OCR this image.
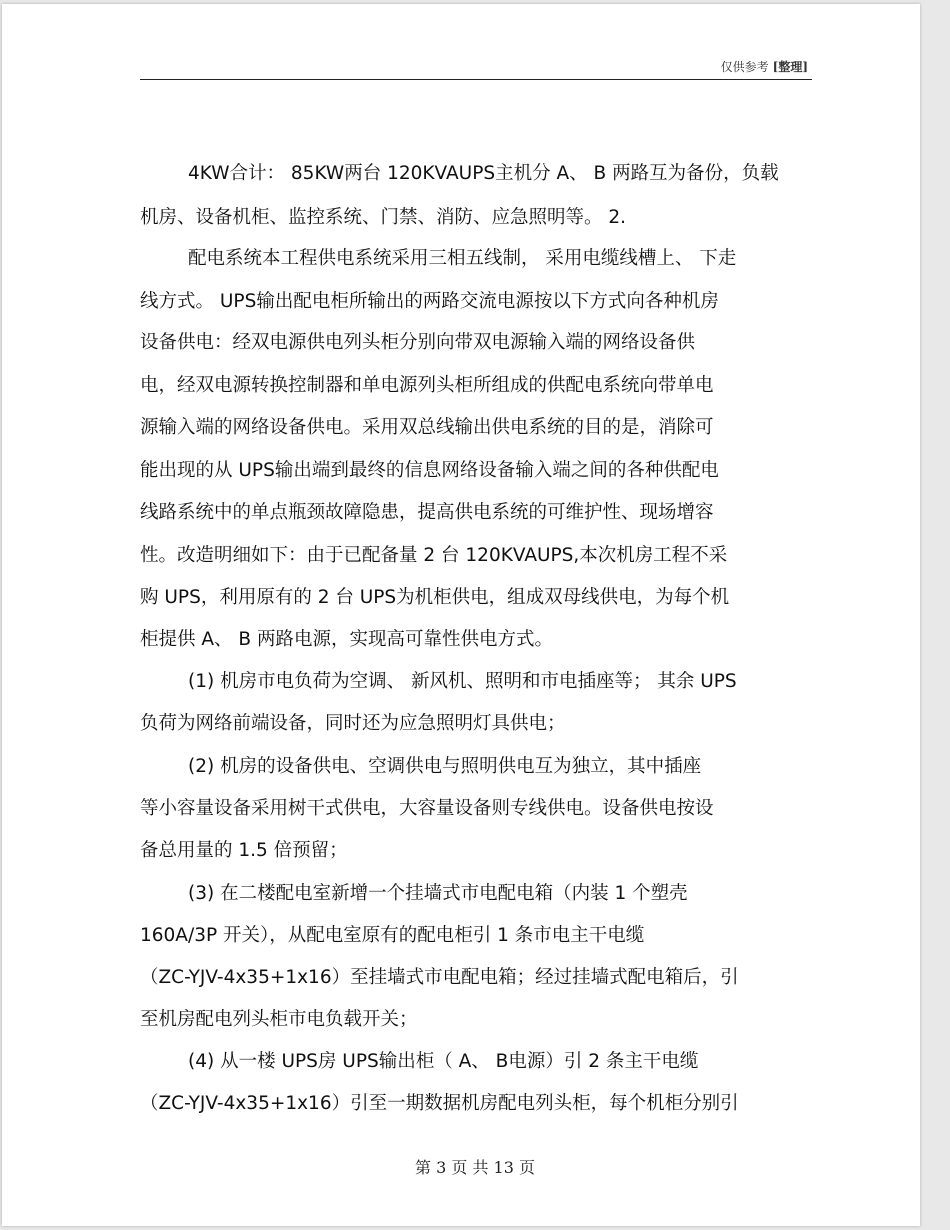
仅供参考 [整理]
4KW合计： 85KW两台 120KVAUPS主机分 A、 B 两路互为备份，负载
机房、设备机柜、监控系统、门禁、消防、应急照明等。 2.
配电系统本工程供电系统采用三相五线制， 采用电缆线槽上、 下走
线方式。 UPS输出配电柜所输出的两路交流电源按以下方式向各种机房
设备供电：经双电源供电列头柜分别向带双电源输入端的网络设备供
电，经双电源转换控制器和单电源列头柜所组成的供配电系统向带单电
源输入端的网络设备供电。采用双总线输出供电系统的目的是，消除可
能出现的从 UPS输出端到最终的信息网络设备输入端之间的各种供配电
线路系统中的单点瓶颈故障隐患，提高供电系统的可维护性、现场增容
性。改造明细如下：由于已配备量 2 台 120KVAUPS,本次机房工程不采
购 UPS，利用原有的 2 台 UPS为机柜供电，组成双母线供电，为每个机
柜提供 A、 B 两路电源，实现高可靠性供电方式。
(1) 机房市电负荷为空调、 新风机、照明和市电插座等； 其余 UPS
负荷为网络前端设备，同时还为应急照明灯具供电；
(2) 机房的设备供电、空调供电与照明供电互为独立，其中插座
等小容量设备采用树干式供电，大容量设备则专线供电。设备供电按设
备总用量的 1.5 倍预留；
(3) 在二楼配电室新增一个挂墙式市电配电箱（内装 1 个塑壳
160A/3P 开关），从配电室原有的配电柜引 1 条市电主干电缆
（ZC-YJV-4x35+1x16）至挂墙式市电配电箱；经过挂墙式配电箱后，引
至机房配电列头柜市电负载开关；
(4) 从一楼 UPS房 UPS输出柜（ A、 B电源）引 2 条主干电缆
（ZC-YJV-4x35+1x16）引至一期数据机房配电列头柜，每个机柜分别引
第 3 页 共 13 页
